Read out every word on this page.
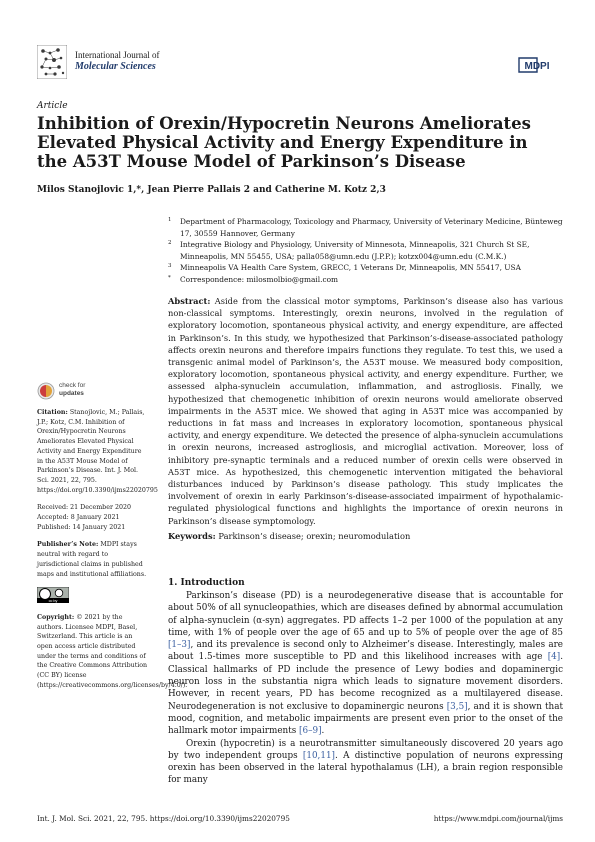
International Journal of
Molecular Sciences	MDPI
Article
Inhibition of Orexin/Hypocretin Neurons Ameliorates Elevated Physical Activity and Energy Expenditure in the A53T Mouse Model of Parkinson’s Disease
Milos Stanojlovic 1,*, Jean Pierre Pallais 2 and Catherine M. Kotz 2,3
1 Department of Pharmacology, Toxicology and Pharmacy, University of Veterinary Medicine, Bünteweg 17, 30559 Hannover, Germany
2 Integrative Biology and Physiology, University of Minnesota, Minneapolis, 321 Church St SE, Minneapolis, MN 55455, USA; palla058@umn.edu (J.P.P.); kotzx004@umn.edu (C.M.K.)
3 Minneapolis VA Health Care System, GRECC, 1 Veterans Dr, Minneapolis, MN 55417, USA
* Correspondence: milosmolbio@gmail.com
Abstract: Aside from the classical motor symptoms, Parkinson’s disease also has various non-classical symptoms. Interestingly, orexin neurons, involved in the regulation of exploratory locomotion, spontaneous physical activity, and energy expenditure, are affected in Parkinson’s. In this study, we hypothesized that Parkinson’s-disease-associated pathology affects orexin neurons and therefore impairs functions they regulate. To test this, we used a transgenic animal model of Parkinson’s, the A53T mouse. We measured body composition, exploratory locomotion, spontaneous physical activity, and energy expenditure. Further, we assessed alpha-synuclein accumulation, inflammation, and astrogliosis. Finally, we hypothesized that chemogenetic inhibition of orexin neurons would ameliorate observed impairments in the A53T mice. We showed that aging in A53T mice was accompanied by reductions in fat mass and increases in exploratory locomotion, spontaneous physical activity, and energy expenditure. We detected the presence of alpha-synuclein accumulations in orexin neurons, increased astrogliosis, and microglial activation. Moreover, loss of inhibitory pre-synaptic terminals and a reduced number of orexin cells were observed in A53T mice. As hypothesized, this chemogenetic intervention mitigated the behavioral disturbances induced by Parkinson’s disease pathology. This study implicates the involvement of orexin in early Parkinson’s-disease-associated impairment of hypothalamic-regulated physiological functions and highlights the importance of orexin neurons in Parkinson’s disease symptomology.
Keywords: Parkinson’s disease; orexin; neuromodulation
check for
updates

Citation: Stanojlovic, M.; Pallais, J.P.; Kotz, C.M. Inhibition of Orexin/Hypocretin Neurons Ameliorates Elevated Physical Activity and Energy Expenditure in the A53T Mouse Model of Parkinson’s Disease. Int. J. Mol. Sci. 2021, 22, 795. https://doi.org/10.3390/ijms22020795

Received: 21 December 2020
Accepted: 8 January 2021
Published: 14 January 2021

Publisher’s Note: MDPI stays neutral with regard to jurisdictional claims in published maps and institutional affiliations.

cc by

Copyright: © 2021 by the authors. Licensee MDPI, Basel, Switzerland. This article is an open access article distributed under the terms and conditions of the Creative Commons Attribution (CC BY) license (https://creativecommons.org/licenses/by/4.0/).

1. Introduction

Parkinson’s disease (PD) is a neurodegenerative disease that is accountable for about 50% of all synucleopathies, which are diseases defined by abnormal accumulation of alpha-synuclein (α-syn) aggregates. PD affects 1–2 per 1000 of the population at any time, with 1% of people over the age of 65 and up to 5% of people over the age of 85 [1–3], and its prevalence is second only to Alzheimer’s disease. Interestingly, males are about 1.5-times more susceptible to PD and this likelihood increases with age [4]. Classical hallmarks of PD include the presence of Lewy bodies and dopaminergic neuron loss in the substantia nigra which leads to signature movement disorders. However, in recent years, PD has become recognized as a multilayered disease. Neurodegeneration is not exclusive to dopaminergic neurons [3,5], and it is shown that mood, cognition, and metabolic impairments are present even prior to the onset of the hallmark motor impairments [6–9].

Orexin (hypocretin) is a neurotransmitter simultaneously discovered 20 years ago by two independent groups [10,11]. A distinctive population of neurons expressing orexin has been observed in the lateral hypothalamus (LH), a brain region responsible for many

Int. J. Mol. Sci. 2021, 22, 795. https://doi.org/10.3390/ijms22020795	https://www.mdpi.com/journal/ijms
